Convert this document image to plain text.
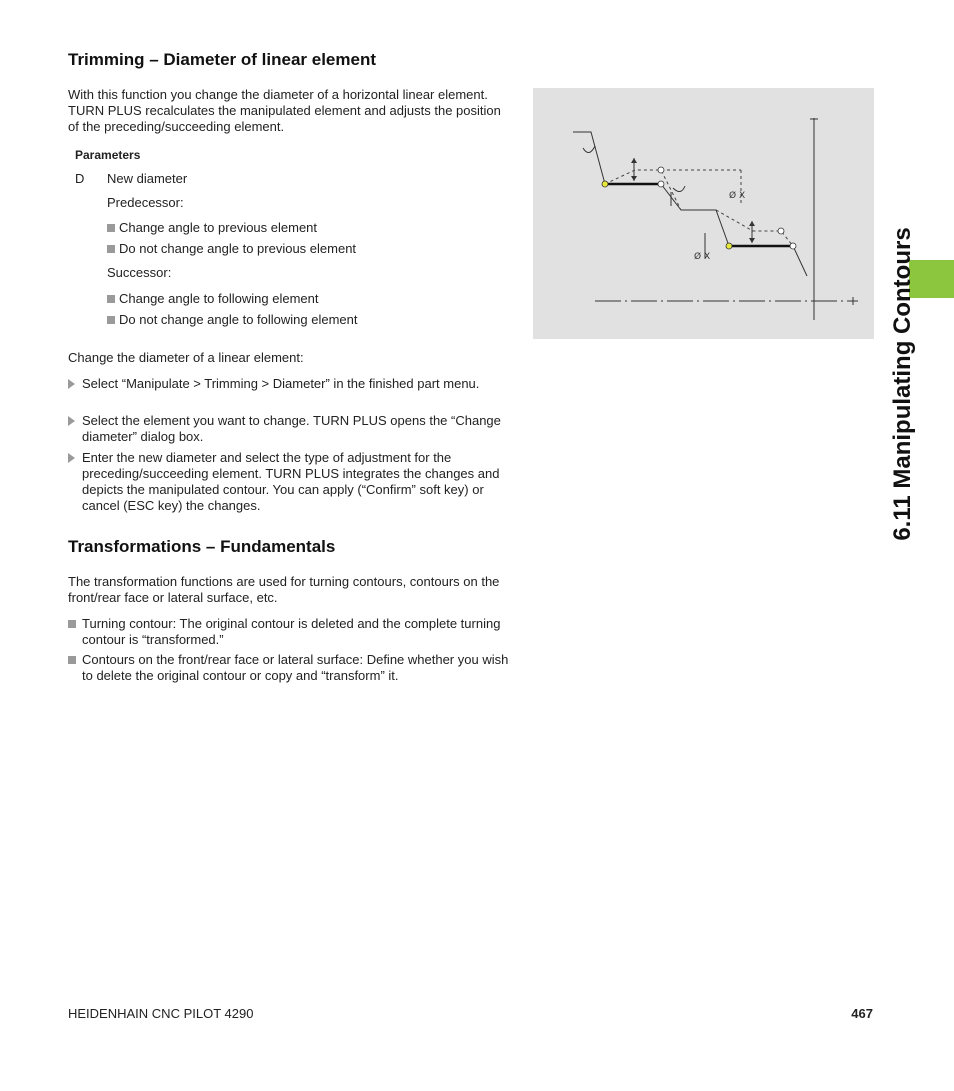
Trimming – Diameter of linear element

With this function you change the diameter of a horizontal linear element. TURN PLUS recalculates the manipulated element and adjusts the position of the preceding/succeeding element.

Parameters
D New diameter
Predecessor:
Change angle to previous element
Do not change angle to previous element
Successor:
Change angle to following element
Do not change angle to following element

Change the diameter of a linear element:

Select “Manipulate > Trimming > Diameter” in the finished part menu.
Select the element you want to change. TURN PLUS opens the “Change diameter” dialog box.
Enter the new diameter and select the type of adjustment for the preceding/succeeding element. TURN PLUS integrates the changes and depicts the manipulated contour. You can apply (“Confirm” soft key) or cancel (ESC key) the changes.
Transformations – Fundamentals

The transformation functions are used for turning contours, contours on the front/rear face or lateral surface, etc.

Turning contour: The original contour is deleted and the complete turning contour is “transformed.”
Contours on the front/rear face or lateral surface: Define whether you wish to delete the original contour or copy and “transform” it.
Ø X
Ø X	6.11 Manipulating Contours
HEIDENHAIN CNC PILOT 4290	467
